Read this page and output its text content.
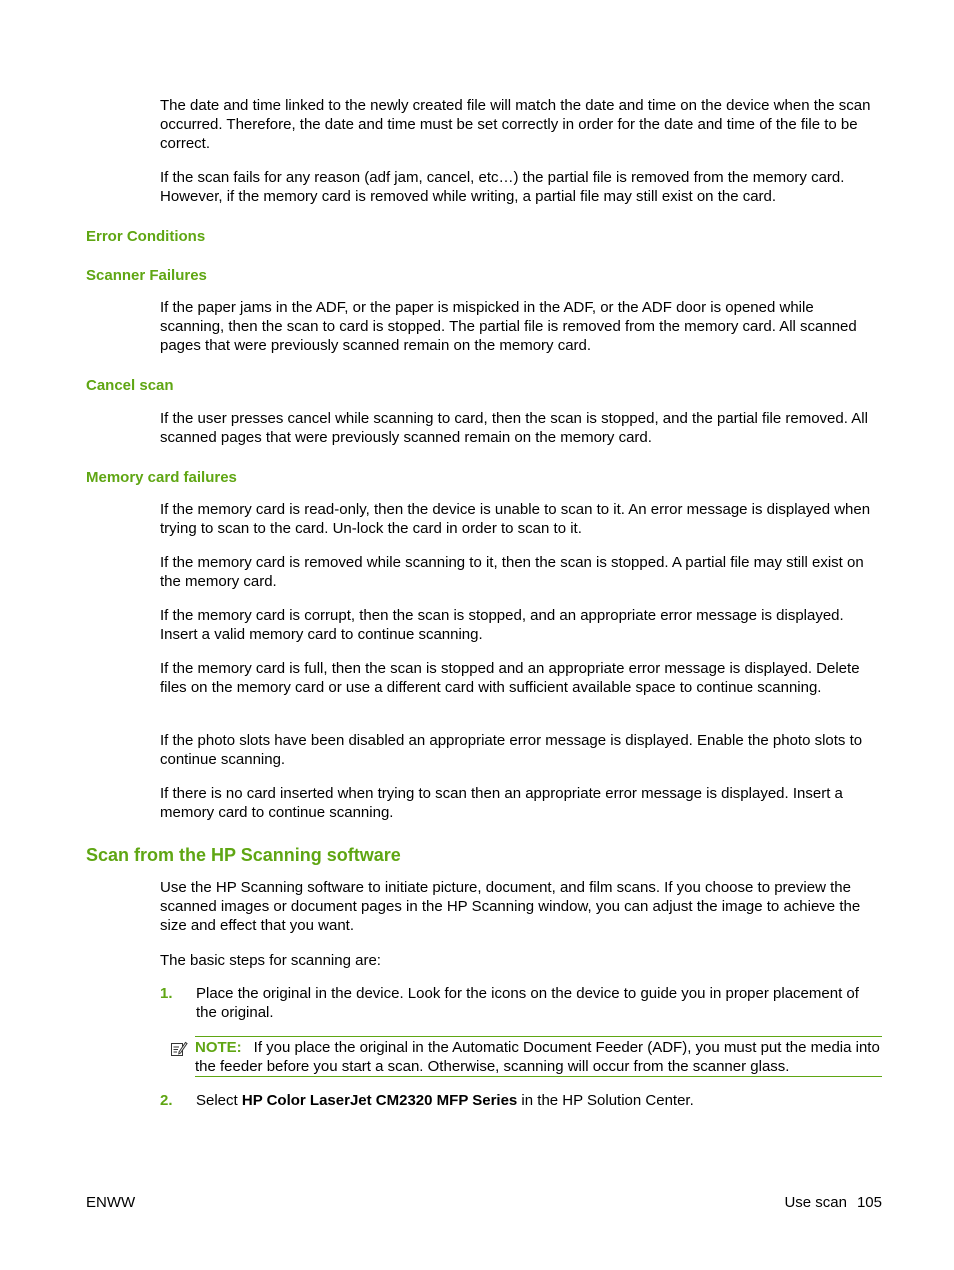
The date and time linked to the newly created file will match the date and time on the device when the scan occurred. Therefore, the date and time must be set correctly in order for the date and time of the file to be correct.

If the scan fails for any reason (adf jam, cancel, etc…) the partial file is removed from the memory card. However, if the memory card is removed while writing, a partial file may still exist on the card.

Error Conditions
Scanner Failures

If the paper jams in the ADF, or the paper is mispicked in the ADF, or the ADF door is opened while scanning, then the scan to card is stopped. The partial file is removed from the memory card. All scanned pages that were previously scanned remain on the memory card.

Cancel scan

If the user presses cancel while scanning to card, then the scan is stopped, and the partial file removed. All scanned pages that were previously scanned remain on the memory card.

Memory card failures

If the memory card is read-only, then the device is unable to scan to it. An error message is displayed when trying to scan to the card. Un-lock the card in order to scan to it.

If the memory card is removed while scanning to it, then the scan is stopped. A partial file may still exist on the memory card.

If the memory card is corrupt, then the scan is stopped, and an appropriate error message is displayed. Insert a valid memory card to continue scanning.

If the memory card is full, then the scan is stopped and an appropriate error message is displayed. Delete files on the memory card or use a different card with sufficient available space to continue scanning.

If the photo slots have been disabled an appropriate error message is displayed. Enable the photo slots to continue scanning.

If there is no card inserted when trying to scan then an appropriate error message is displayed. Insert a memory card to continue scanning.

Scan from the HP Scanning software

Use the HP Scanning software to initiate picture, document, and film scans. If you choose to preview the scanned images or document pages in the HP Scanning window, you can adjust the image to achieve the size and effect that you want.

The basic steps for scanning are:

1. Place the original in the device. Look for the icons on the device to guide you in proper placement of the original.
NOTE: If you place the original in the Automatic Document Feeder (ADF), you must put the media into the feeder before you start a scan. Otherwise, scanning will occur from the scanner glass.
2. Select HP Color LaserJet CM2320 MFP Series in the HP Solution Center.
ENWW	Use scan 105
